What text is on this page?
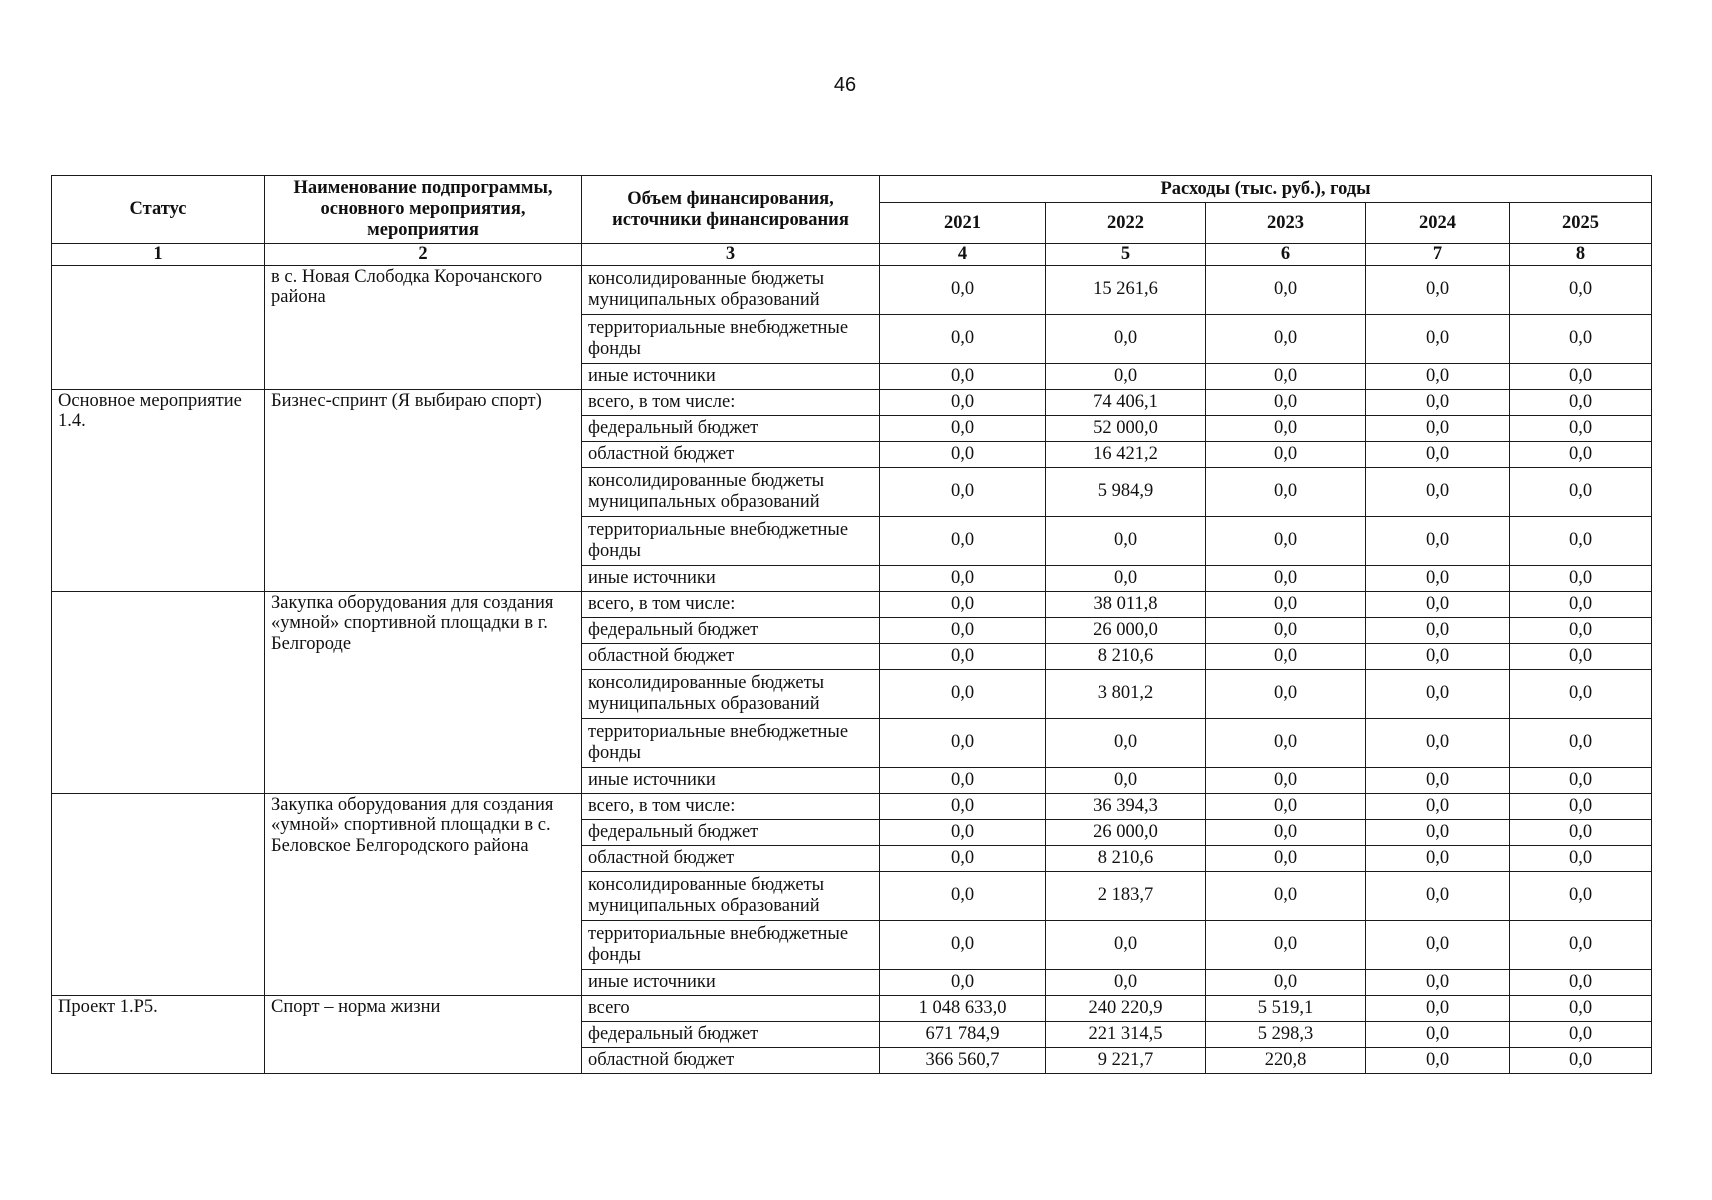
46
Статус	Наименование подпрограммы, основного мероприятия, мероприятия	Объем финансирования, источники финансирования	Расходы (тыс. руб.), годы				
			2021	2022	2023	2024	2025
1	2	3	4	5	6	7	8
	в с. Новая Слободка Корочанского района	консолидированные бюджеты муниципальных образований	0,0	15 261,6	0,0	0,0	0,0
		территориальные внебюджетные фонды	0,0	0,0	0,0	0,0	0,0
		иные источники	0,0	0,0	0,0	0,0	0,0
Основное мероприятие 1.4.	Бизнес-спринт (Я выбираю спорт)	всего, в том числе:	0,0	74 406,1	0,0	0,0	0,0
		федеральный бюджет	0,0	52 000,0	0,0	0,0	0,0
		областной бюджет	0,0	16 421,2	0,0	0,0	0,0
		консолидированные бюджеты муниципальных образований	0,0	5 984,9	0,0	0,0	0,0
		территориальные внебюджетные фонды	0,0	0,0	0,0	0,0	0,0
		иные источники	0,0	0,0	0,0	0,0	0,0
	Закупка оборудования для создания «умной» спортивной площадки в г. Белгороде	всего, в том числе:	0,0	38 011,8	0,0	0,0	0,0
		федеральный бюджет	0,0	26 000,0	0,0	0,0	0,0
		областной бюджет	0,0	8 210,6	0,0	0,0	0,0
		консолидированные бюджеты муниципальных образований	0,0	3 801,2	0,0	0,0	0,0
		территориальные внебюджетные фонды	0,0	0,0	0,0	0,0	0,0
		иные источники	0,0	0,0	0,0	0,0	0,0
	Закупка оборудования для создания «умной» спортивной площадки в с. Беловское Белгородского района	всего, в том числе:	0,0	36 394,3	0,0	0,0	0,0
		федеральный бюджет	0,0	26 000,0	0,0	0,0	0,0
		областной бюджет	0,0	8 210,6	0,0	0,0	0,0
		консолидированные бюджеты муниципальных образований	0,0	2 183,7	0,0	0,0	0,0
		территориальные внебюджетные фонды	0,0	0,0	0,0	0,0	0,0
		иные источники	0,0	0,0	0,0	0,0	0,0
Проект 1.Р5.	Спорт – норма жизни	всего	1 048 633,0	240 220,9	5 519,1	0,0	0,0
		федеральный бюджет	671 784,9	221 314,5	5 298,3	0,0	0,0
		областной бюджет	366 560,7	9 221,7	220,8	0,0	0,0
